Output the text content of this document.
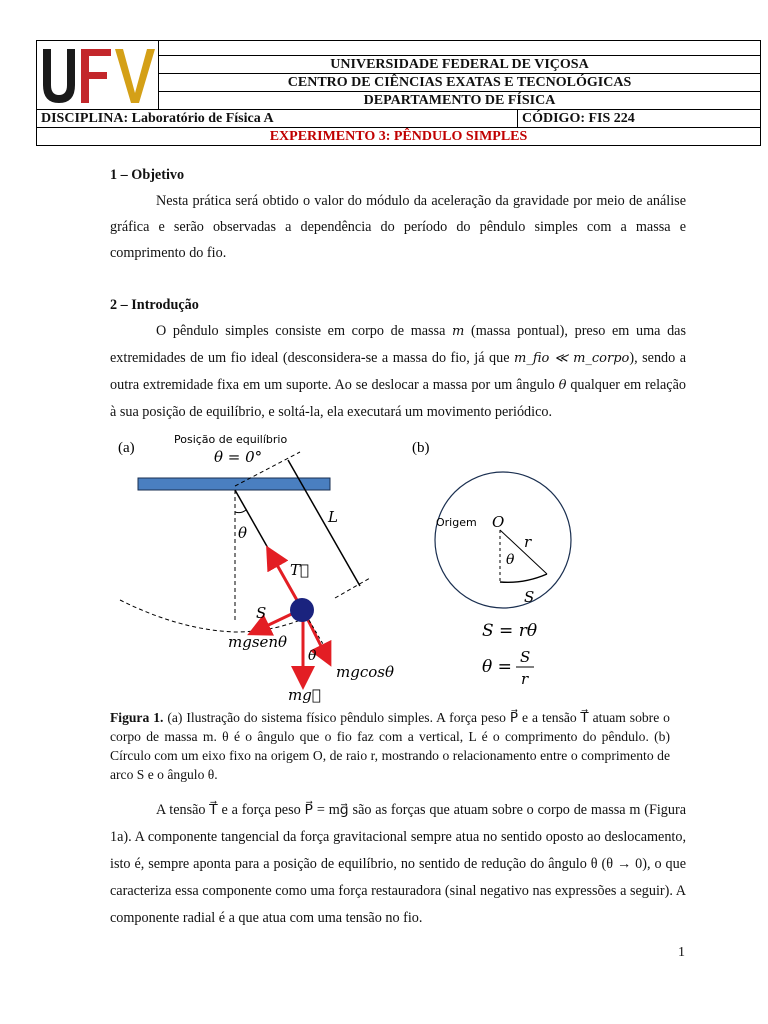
UFV		

	UNIVERSIDADE FEDERAL DE VIÇOSA	
	CENTRO DE CIÊNCIAS EXATAS E TECNOLÓGICAS	
	DEPARTAMENTO DE FÍSICA	
DISCIPLINA: Laboratório de Física A		CÓDIGO: FIS 224
EXPERIMENTO 3: PÊNDULO SIMPLES		

1 – Objetivo

Nesta prática será obtido o valor do módulo da aceleração da gravidade por meio de análise gráfica e serão observadas a dependência do período do pêndulo simples com a massa e comprimento do fio.

2 – Introdução

O pêndulo simples consiste em corpo de massa m (massa pontual), preso em uma das extremidades de um fio ideal (desconsidera-se a massa do fio, já que m_fio ≪ m_corpo), sendo a outra extremidade fixa em um suporte. Ao se deslocar a massa por um ângulo θ qualquer em relação à sua posição de equilíbrio, e soltá-la, ela executará um movimento periódico.

(a)
Posição de equilíbrio
θ = 0°
L
θ
T⃗
S
mgsenθ
θ
mgcosθ
mg⃗
(b)
Origem O
r
θ
S
S = rθ
θ = S
r
Figura 1. (a) Ilustração do sistema físico pêndulo simples. A força peso P⃗ e a tensão T⃗ atuam sobre o corpo de massa m. θ é o ângulo que o fio faz com a vertical, L é o comprimento do pêndulo. (b) Círculo com um eixo fixo na origem O, de raio r, mostrando o relacionamento entre o comprimento de arco S e o ângulo θ.
A tensão T⃗ e a força peso P⃗ = mg⃗ são as forças que atuam sobre o corpo de massa m (Figura 1a). A componente tangencial da força gravitacional sempre atua no sentido oposto ao deslocamento, isto é, sempre aponta para a posição de equilíbrio, no sentido de redução do ângulo θ (θ → 0), o que caracteriza essa componente como uma força restauradora (sinal negativo nas expressões a seguir). A componente radial é a que atua com uma tensão no fio.
1
